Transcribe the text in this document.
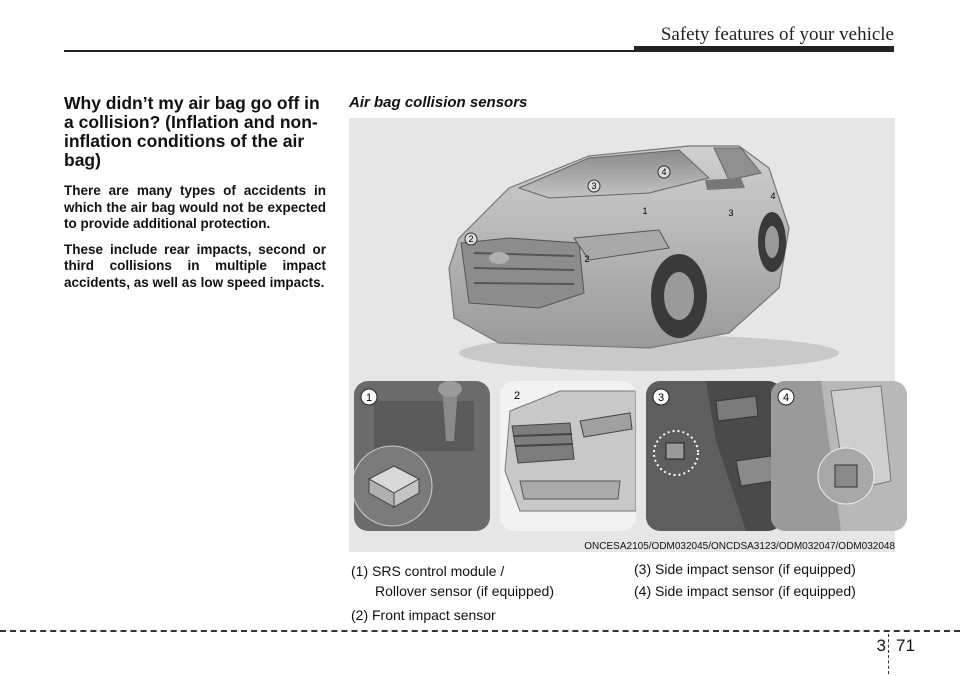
Safety features of your vehicle
Why didn’t my air bag go off in a collision? (Inflation and non-inflation conditions of the air bag)

There are many types of accidents in which the air bag would not be expected to provide additional protection.

These include rear impacts, second or third collisions in multiple impact accidents, as well as low speed impacts.

Air bag collision sensors
4
3
1
2
2
3
4
1	2	3	4
ONCESA2105/ODM032045/ONCDSA3123/ODM032047/ODM032048

(1) SRS control module /

Rollover sensor (if equipped)

(2) Front impact sensor

(3) Side impact sensor (if equipped)

(4) Side impact sensor (if equipped)

3 71
